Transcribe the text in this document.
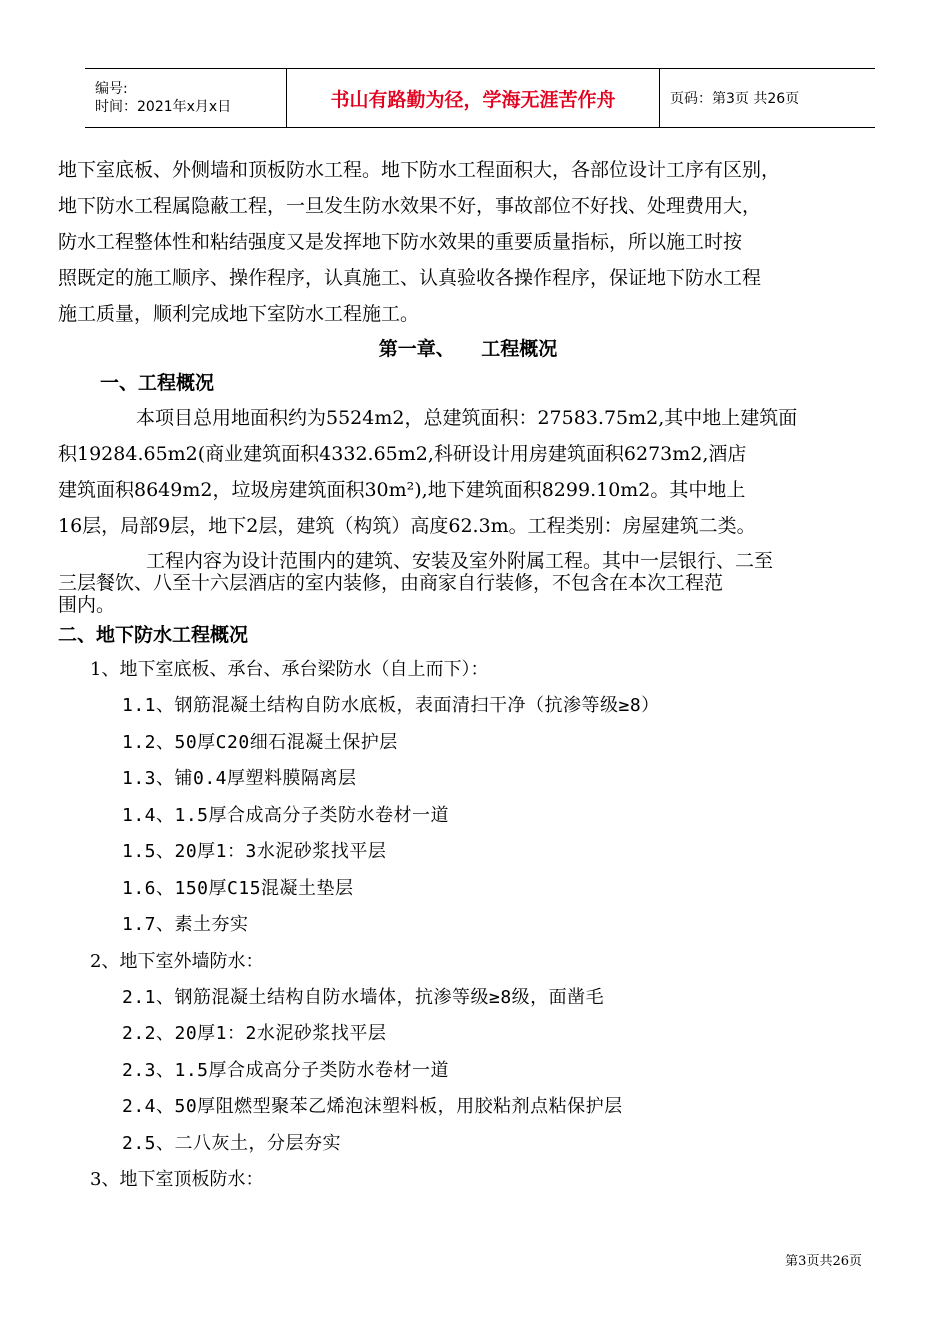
编号:
时间：2021年x月x日	书山有路勤为径，学海无涯苦作舟	页码：第3页 共26页

地下室底板、外侧墙和顶板防水工程。地下防水工程面积大，各部位设计工序有区别，

地下防水工程属隐蔽工程，一旦发生防水效果不好，事故部位不好找、处理费用大，

防水工程整体性和粘结强度又是发挥地下防水效果的重要质量指标，所以施工时按

照既定的施工顺序、操作程序，认真施工、认真验收各操作程序，保证地下防水工程

施工质量，顺利完成地下室防水工程施工。

第一章、    工程概况

一、工程概况

本项目总用地面积约为5524m2，总建筑面积：27583.75m2,其中地上建筑面

积19284.65m2(商业建筑面积4332.65m2,科研设计用房建筑面积6273m2,酒店

建筑面积8649m2，垃圾房建筑面积30m²),地下建筑面积8299.10m2。其中地上

16层，局部9层，地下2层，建筑（构筑）高度62.3m。工程类别：房屋建筑二类。

工程内容为设计范围内的建筑、安装及室外附属工程。其中一层银行、二至

三层餐饮、八至十六层酒店的室内装修，由商家自行装修，不包含在本次工程范

围内。

二、地下防水工程概况

1、地下室底板、承台、承台梁防水（自上而下）：

1.1、钢筋混凝土结构自防水底板，表面清扫干净（抗渗等级≥8）

1.2、50厚C20细石混凝土保护层

1.3、铺0.4厚塑料膜隔离层

1.4、1.5厚合成高分子类防水卷材一道

1.5、20厚1：3水泥砂浆找平层

1.6、150厚C15混凝土垫层

1.7、素土夯实

2、地下室外墙防水：

2.1、钢筋混凝土结构自防水墙体，抗渗等级≥8级，面凿毛

2.2、20厚1：2水泥砂浆找平层

2.3、1.5厚合成高分子类防水卷材一道

2.4、50厚阻燃型聚苯乙烯泡沫塑料板，用胶粘剂点粘保护层

2.5、二八灰土，分层夯实

3、地下室顶板防水：

第3页共26页
